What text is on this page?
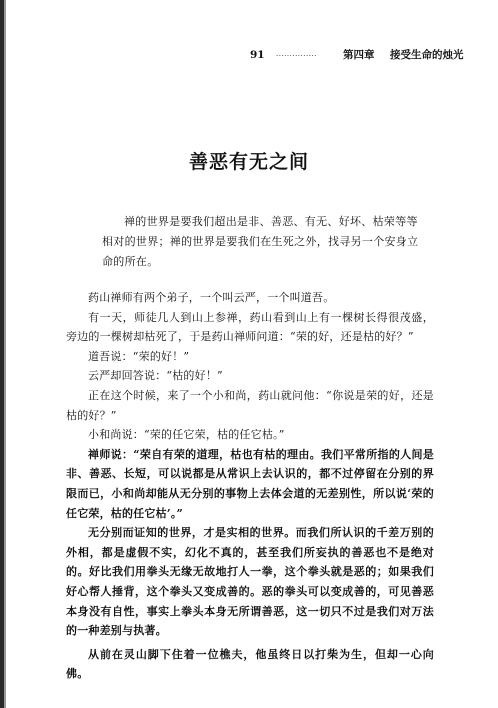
91 ···············	第四章 接受生命的烛光
善恶有无之间

禅的世界是要我们超出是非、善恶、有无、好坏、枯荣等等相对的世界；禅的世界是要我们在生死之外，找寻另一个安身立命的所在。

药山禅师有两个弟子，一个叫云严，一个叫道吾。

有一天，师徒几人到山上参禅，药山看到山上有一棵树长得很茂盛，旁边的一棵树却枯死了，于是药山禅师问道：“荣的好，还是枯的好？”

道吾说：“荣的好！”

云严却回答说：“枯的好！”

正在这个时候，来了一个小和尚，药山就问他：“你说是荣的好，还是枯的好？”

小和尚说：“荣的任它荣，枯的任它枯。”

禅师说：“荣自有荣的道理，枯也有枯的理由。我们平常所指的人间是非、善恶、长短，可以说都是从常识上去认识的，都不过停留在分别的界限而已，小和尚却能从无分别的事物上去体会道的无差别性，所以说‘荣的任它荣，枯的任它枯’。”

无分别而证知的世界，才是实相的世界。而我们所认识的千差万别的外相，都是虚假不实，幻化不真的，甚至我们所妄执的善恶也不是绝对的。好比我们用拳头无缘无故地打人一拳，这个拳头就是恶的；如果我们好心帮人捶背，这个拳头又变成善的。恶的拳头可以变成善的，可见善恶本身没有自性，事实上拳头本身无所谓善恶，这一切只不过是我们对万法的一种差别与执著。

从前在灵山脚下住着一位樵夫，他虽终日以打柴为生，但却一心向佛。
